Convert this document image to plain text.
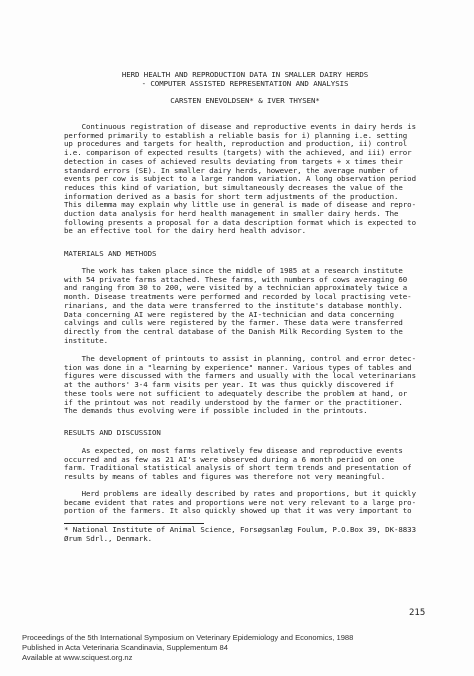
HERD HEALTH AND REPRODUCTION DATA IN SMALLER DAIRY HERDS
- COMPUTER ASSISTED REPRESENTATION AND ANALYSIS
CARSTEN ENEVOLDSEN* & IVER THYSEN*

Continuous registration of disease and reproductive events in dairy herds is
performed primarily to establish a reliable basis for i) planning i.e. setting
up procedures and targets for health, reproduction and production, ii) control
i.e. comparison of expected results (targets) with the achieved, and iii) error
detection in cases of achieved results deviating from targets + x times their
standard errors (SE). In smaller dairy herds, however, the average number of
events per cow is subject to a large random variation. A long observation period
reduces this kind of variation, but simultaneously decreases the value of the
information derived as a basis for short term adjustments of the production.
This dilemma may explain why little use in general is made of disease and repro-
duction data analysis for herd health management in smaller dairy herds. The
following presents a proposal for a data description format which is expected to
be an effective tool for the dairy herd health advisor.

MATERIALS AND METHODS

The work has taken place since the middle of 1985 at a research institute
with 54 private farms attached. These farms, with numbers of cows averaging 60
and ranging from 30 to 200, were visited by a technician approximately twice a
month. Disease treatments were performed and recorded by local practising vete-
rinarians, and the data were transferred to the institute's database monthly.
Data concerning AI were registered by the AI-technician and data concerning
calvings and culls were registered by the farmer. These data were transferred
directly from the central database of the Danish Milk Recording System to the
institute.

The development of printouts to assist in planning, control and error detec-
tion was done in a "learning by experience" manner. Various types of tables and
figures were discussed with the farmers and usually with the local veterinarians
at the authors' 3-4 farm visits per year. It was thus quickly discovered if
these tools were not sufficient to adequately describe the problem at hand, or
if the printout was not readily understood by the farmer or the practitioner.
The demands thus evolving were if possible included in the printouts.

RESULTS AND DISCUSSION

As expected, on most farms relatively few disease and reproductive events
occurred and as few as 21 AI's were observed during a 6 month period on one
farm. Traditional statistical analysis of short term trends and presentation of
results by means of tables and figures was therefore not very meaningful.

Herd problems are ideally described by rates and proportions, but it quickly
became evident that rates and proportions were not very relevant to a large pro-
portion of the farmers. It also quickly showed up that it was very important to

* National Institute of Animal Science, Forsøgsanlæg Foulum, P.O.Box 39, DK-8833
Ørum Sdrl., Denmark.

215
Proceedings of the 5th International Symposium on Veterinary Epidemiology and Economics, 1988
Published in Acta Veterinaria Scandinavia, Supplementum 84
Available at www.sciquest.org.nz
